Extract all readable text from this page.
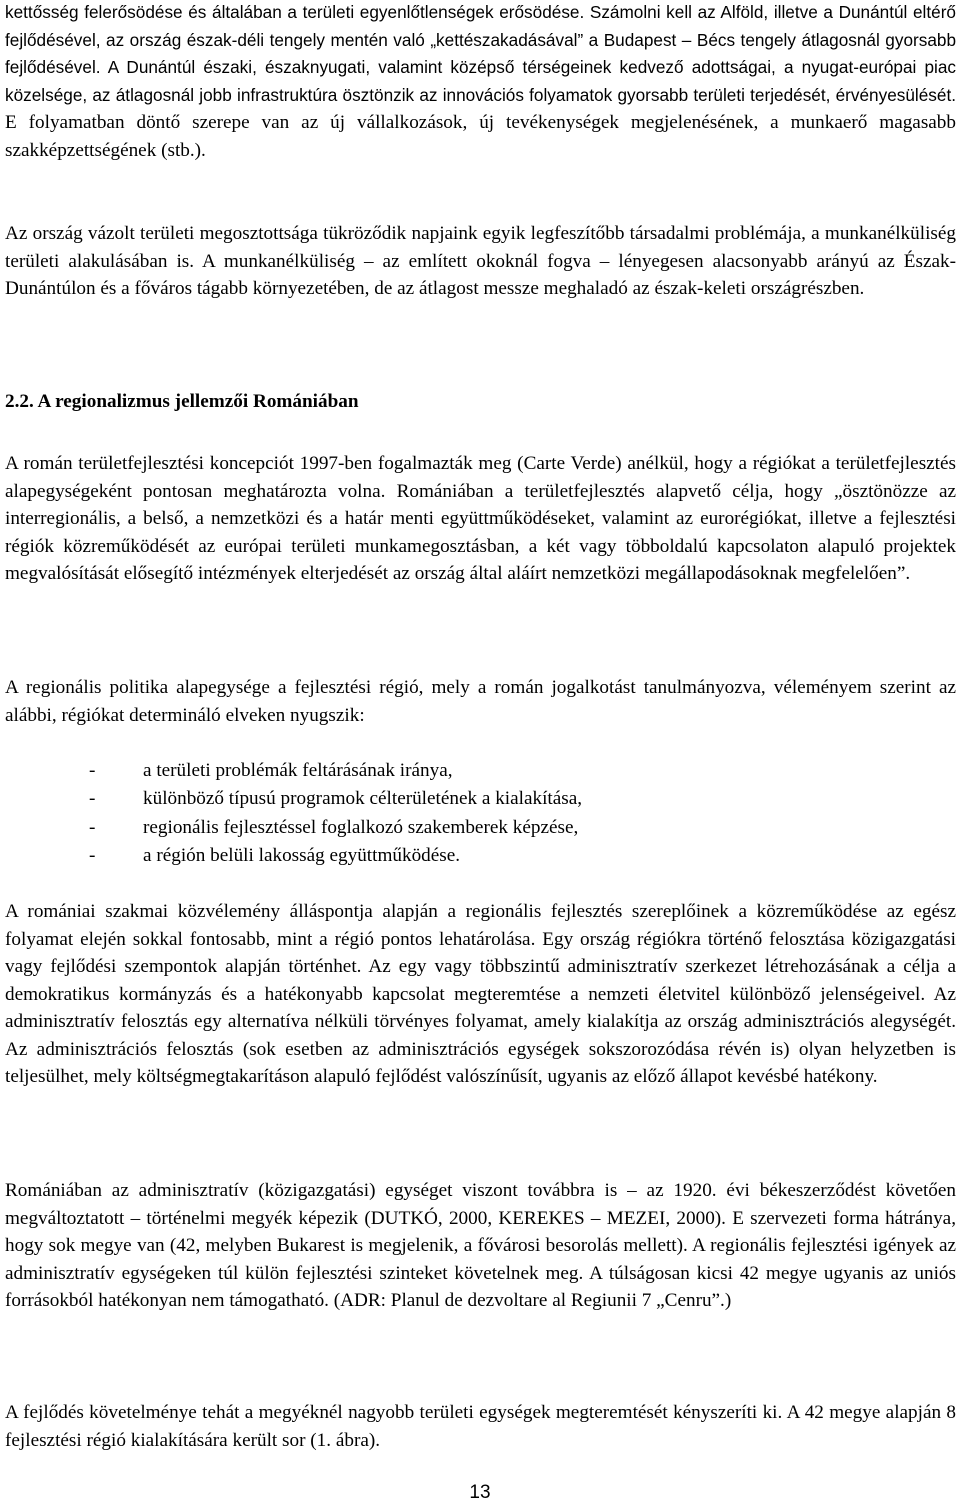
kettősség felerősödése és általában a területi egyenlőtlenségek erősödése. Számolni kell az Alföld, illetve a Dunántúl eltérő fejlődésével, az ország észak-déli tengely mentén való „kettészakadásával” a Budapest – Bécs tengely átlagosnál gyorsabb fejlődésével. A Dunántúl északi, északnyugati, valamint középső térségeinek kedvező adottságai, a nyugat-európai piac közelsége, az átlagosnál jobb infrastruktúra ösztönzik az innovációs folyamatok gyorsabb területi terjedését, érvényesülését. E folyamatban döntő szerepe van az új vállalkozások, új tevékenységek megjelenésének, a munkaerő magasabb szakképzettségének (stb.).

Az ország vázolt területi megosztottsága tükröződik napjaink egyik legfeszítőbb társadalmi problémája, a munkanélküliség területi alakulásában is. A munkanélküliség – az említett okoknál fogva – lényegesen alacsonyabb arányú az Észak-Dunántúlon és a főváros tágabb környezetében, de az átlagost messze meghaladó az észak-keleti országrészben.

2.2. A regionalizmus jellemzői Romániában

A román területfejlesztési koncepciót 1997-ben fogalmazták meg (Carte Verde) anélkül, hogy a régiókat a területfejlesztés alapegységeként pontosan meghatározta volna. Romániában a területfejlesztés alapvető célja, hogy „ösztönözze az interregionális, a belső, a nemzetközi és a határ menti együttműködéseket, valamint az eurorégiókat, illetve a fejlesztési régiók közreműködését az európai területi munkamegosztásban, a két vagy többoldalú kapcsolaton alapuló projektek megvalósítását elősegítő intézmények elterjedését az ország által aláírt nemzetközi megállapodásoknak megfelelően”.

A regionális politika alapegysége a fejlesztési régió, mely a román jogalkotást tanulmányozva, véleményem szerint az alábbi, régiókat determináló elveken nyugszik:

-	a területi problémák feltárásának iránya,
-	különböző típusú programok célterületének a kialakítása,
-	regionális fejlesztéssel foglalkozó szakemberek képzése,
-	a régión belüli lakosság együttműködése.

A romániai szakmai közvélemény álláspontja alapján a regionális fejlesztés szereplőinek a közreműködése az egész folyamat elején sokkal fontosabb, mint a régió pontos lehatárolása. Egy ország régiókra történő felosztása közigazgatási vagy fejlődési szempontok alapján történhet. Az egy vagy többszintű adminisztratív szerkezet létrehozásának a célja a demokratikus kormányzás és a hatékonyabb kapcsolat megteremtése a nemzeti életvitel különböző jelenségeivel. Az adminisztratív felosztás egy alternatíva nélküli törvényes folyamat, amely kialakítja az ország adminisztrációs alegységét. Az adminisztrációs felosztás (sok esetben az adminisztrációs egységek sokszorozódása révén is) olyan helyzetben is teljesülhet, mely költségmegtakarításon alapuló fejlődést valószínűsít, ugyanis az előző állapot kevésbé hatékony.

Romániában az adminisztratív (közigazgatási) egységet viszont továbbra is – az 1920. évi békeszerződést követően megváltoztatott – történelmi megyék képezik (DUTKÓ, 2000, KEREKES – MEZEI, 2000). E szervezeti forma hátránya, hogy sok megye van (42, melyben Bukarest is megjelenik, a fővárosi besorolás mellett). A regionális fejlesztési igények az adminisztratív egységeken túl külön fejlesztési szinteket követelnek meg. A túlságosan kicsi 42 megye ugyanis az uniós forrásokból hatékonyan nem támogatható. (ADR: Planul de dezvoltare al Regiunii 7 „Cenru”.)

A fejlődés követelménye tehát a megyéknél nagyobb területi egységek megteremtését kényszeríti ki. A 42 megye alapján 8 fejlesztési régió kialakítására került sor (1. ábra).

13
